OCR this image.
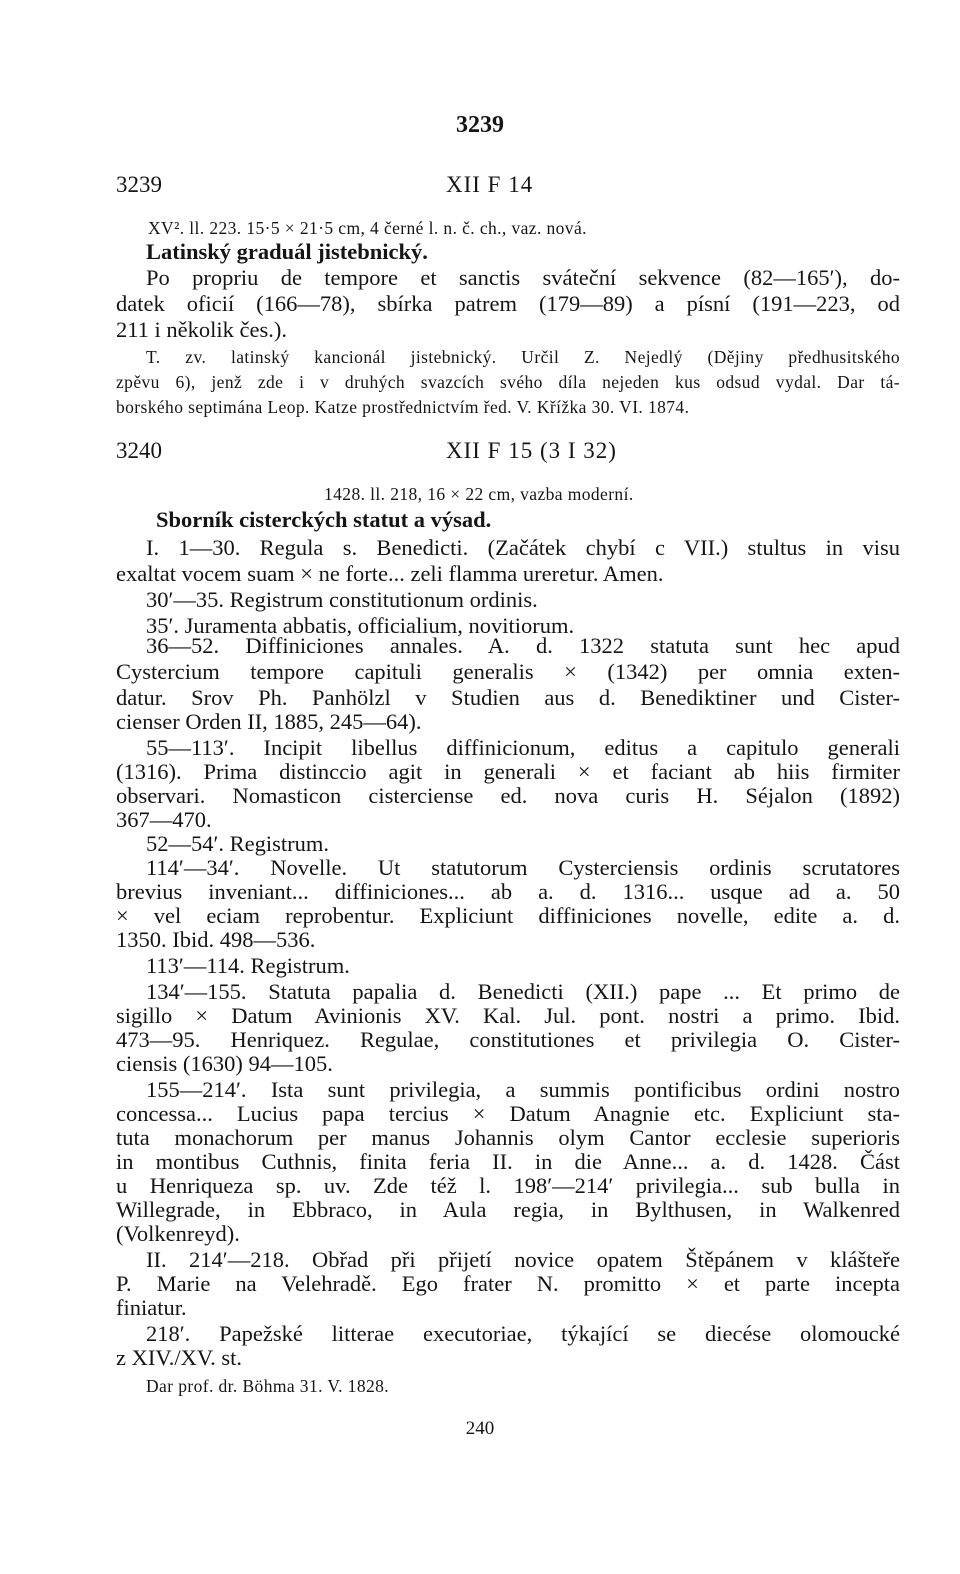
3239
3239	XII F 14
XV². ll. 223. 15·5 × 21·5 cm, 4 černé l. n. č. ch., vaz. nová.
Latinský graduál jistebnický.
Po propriu de tempore et sanctis sváteční sekvence (82—165′), do-
datek oficií (166—78), sbírka patrem (179—89) a písní (191—223, od
211 i několik čes.).
T. zv. latinský kancionál jistebnický. Určil Z. Nejedlý (Dějiny předhusitského
zpěvu 6), jenž zde i v druhých svazcích svého díla nejeden kus odsud vydal. Dar tá-
borského septimána Leop. Katze prostřednictvím řed. V. Křížka 30. VI. 1874.
3240	XII F 15 (3 I 32)
1428. ll. 218, 16 × 22 cm, vazba moderní.
Sborník cisterckých statut a výsad.
I. 1—30. Regula s. Benedicti. (Začátek chybí c VII.) stultus in visu
exaltat vocem suam × ne forte... zeli flamma ureretur. Amen.
30′—35. Registrum constitutionum ordinis.
35′. Juramenta abbatis, officialium, novitiorum.
36—52. Diffiniciones annales. A. d. 1322 statuta sunt hec apud
Cystercium tempore capituli generalis × (1342) per omnia exten-
datur. Srov Ph. Panhölzl v Studien aus d. Benediktiner und Cister-
cienser Orden II, 1885, 245—64).
55—113′. Incipit libellus diffinicionum, editus a capitulo generali
(1316). Prima distinccio agit in generali × et faciant ab hiis firmiter
observari. Nomasticon cisterciense ed. nova curis H. Séjalon (1892)
367—470.
52—54′. Registrum.
114′—34′. Novelle. Ut statutorum Cysterciensis ordinis scrutatores
brevius inveniant... diffiniciones... ab a. d. 1316... usque ad a. 50
× vel eciam reprobentur. Expliciunt diffiniciones novelle, edite a. d.
1350. Ibid. 498—536.
113′—114. Registrum.
134′—155. Statuta papalia d. Benedicti (XII.) pape ... Et primo de
sigillo × Datum Avinionis XV. Kal. Jul. pont. nostri a primo. Ibid.
473—95. Henriquez. Regulae, constitutiones et privilegia O. Cister-
ciensis (1630) 94—105.
155—214′. Ista sunt privilegia, a summis pontificibus ordini nostro
concessa... Lucius papa tercius × Datum Anagnie etc. Expliciunt sta-
tuta monachorum per manus Johannis olym Cantor ecclesie superioris
in montibus Cuthnis, finita feria II. in die Anne... a. d. 1428. Část
u Henriqueza sp. uv. Zde též l. 198′—214′ privilegia... sub bulla in
Willegrade, in Ebbraco, in Aula regia, in Bylthusen, in Walkenred
(Volkenreyd).
II. 214′—218. Obřad při přijetí novice opatem Štěpánem v klášteře
P. Marie na Velehradě. Ego frater N. promitto × et parte incepta
finiatur.
218′. Papežské litterae executoriae, týkající se diecése olomoucké
z XIV./XV. st.
Dar prof. dr. Böhma 31. V. 1828.
240
